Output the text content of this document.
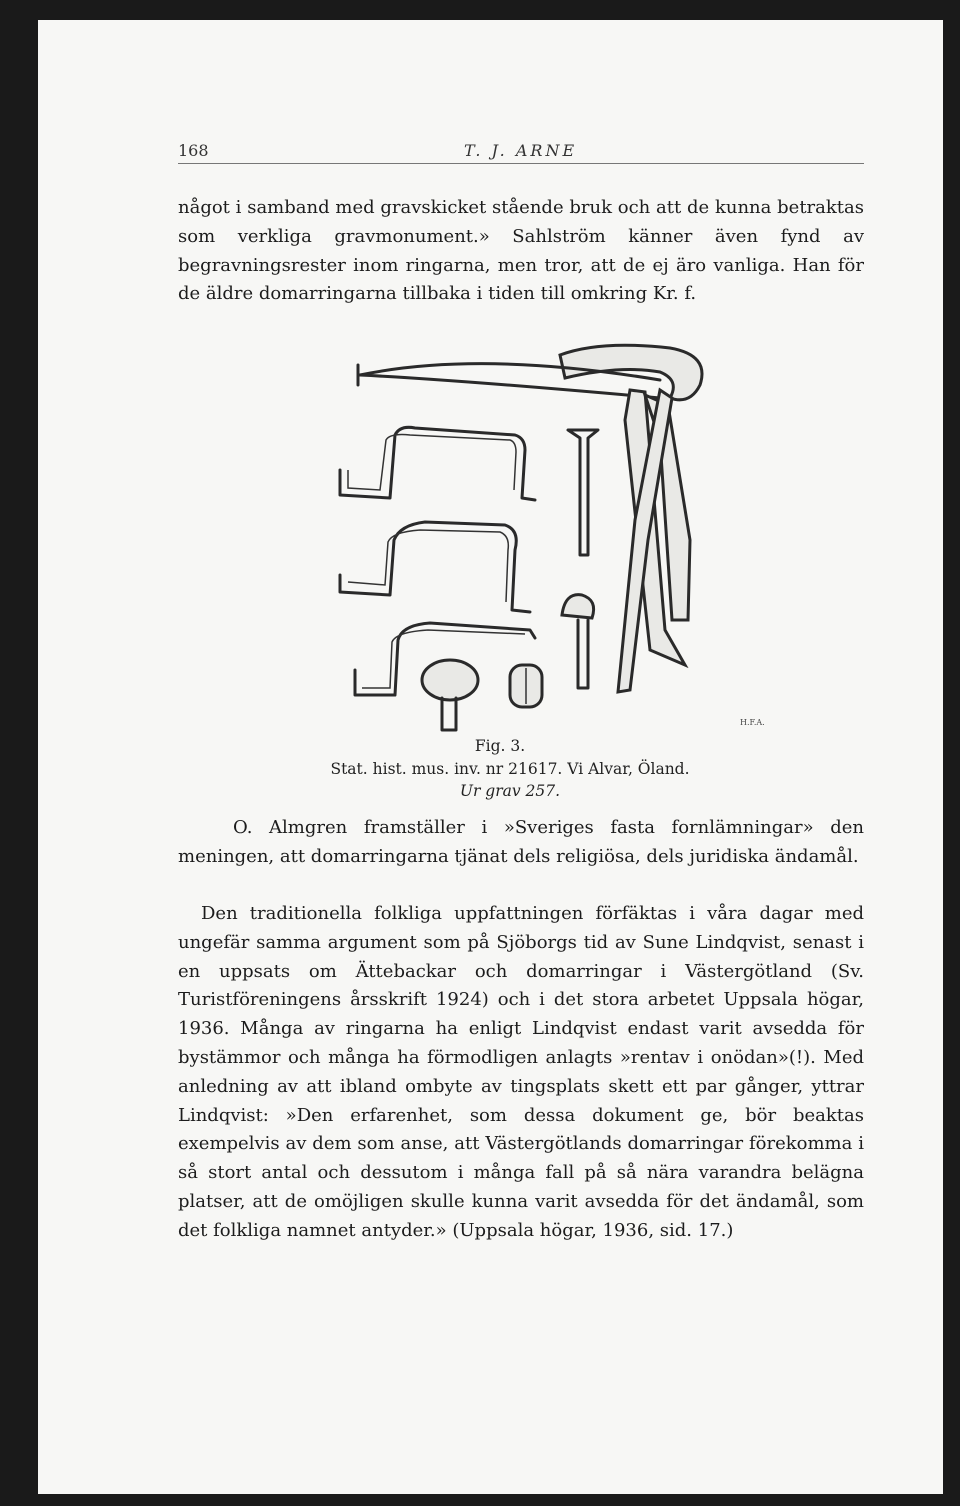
168	T. J. ARNE

något i samband med gravskicket stående bruk och att de kunna betraktas som verkliga gravmonument.» Sahlström känner även fynd av begravningsrester inom ringarna, men tror, att de ej äro vanliga. Han för de äldre domarringarna tillbaka i tiden till omkring Kr. f.

H.F.A.
Fig. 3.
Stat. hist. mus. inv. nr 21617. Vi Alvar, Öland.
Ur grav 257.

O. Almgren framställer i »Sveriges fasta fornlämningar» den meningen, att domarringarna tjänat dels religiösa, dels juridiska ändamål.

Den traditionella folkliga uppfattningen förfäktas i våra dagar med ungefär samma argument som på Sjöborgs tid av Sune Lindqvist, senast i en uppsats om Ättebackar och domarringar i Västergötland (Sv. Turistföreningens årsskrift 1924) och i det stora arbetet Uppsala högar, 1936. Många av ringarna ha enligt Lindqvist endast varit avsedda för bystämmor och många ha förmodligen anlagts »rentav i onödan»(!). Med anledning av att ibland ombyte av tingsplats skett ett par gånger, yttrar Lindqvist: »Den erfarenhet, som dessa dokument ge, bör beaktas exempelvis av dem som anse, att Västergötlands domarringar förekomma i så stort antal och dessutom i många fall på så nära varandra belägna platser, att de omöjligen skulle kunna varit avsedda för det ändamål, som det folkliga namnet antyder.» (Uppsala högar, 1936, sid. 17.)
